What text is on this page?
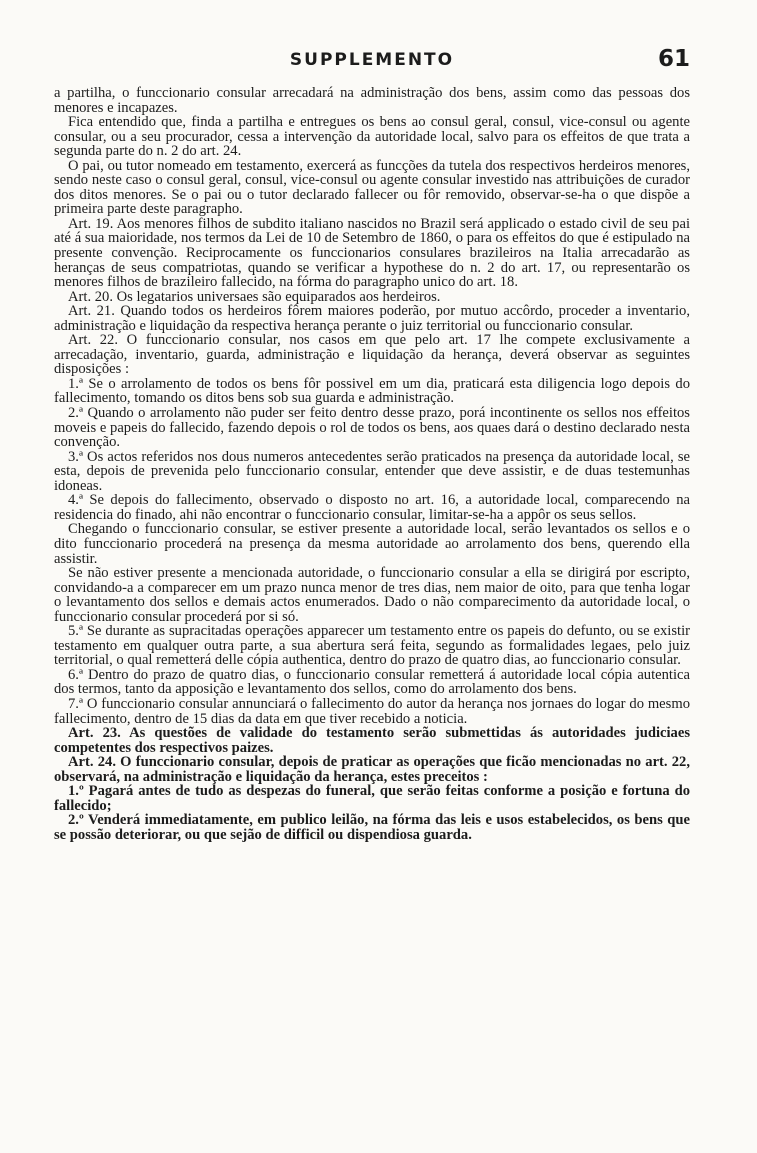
SUPPLEMENTO	61

a partilha, o funccionario consular arrecadará na administração dos bens, assim como das pessoas dos menores e incapazes.

Fica entendido que, finda a partilha e entregues os bens ao consul geral, consul, vice-consul ou agente consular, ou a seu procurador, cessa a intervenção da autoridade local, salvo para os effeitos de que trata a segunda parte do n. 2 do art. 24.

O pai, ou tutor nomeado em testamento, exercerá as funcções da tutela dos respectivos herdeiros menores, sendo neste caso o consul geral, consul, vice-consul ou agente consular investido nas attribuições de curador dos ditos menores. Se o pai ou o tutor declarado fallecer ou fôr removido, observar-se-ha o que dispõe a primeira parte deste paragrapho.

Art. 19. Aos menores filhos de subdito italiano nascidos no Brazil será applicado o estado civil de seu pai até á sua maioridade, nos termos da Lei de 10 de Setembro de 1860, o para os effeitos do que é estipulado na presente convenção. Reciprocamente os funccionarios consulares brazileiros na Italia arrecadarão as heranças de seus compatriotas, quando se verificar a hypothese do n. 2 do art. 17, ou representarão os menores filhos de brazileiro fallecido, na fórma do paragrapho unico do art. 18.

Art. 20. Os legatarios universaes são equiparados aos herdeiros.

Art. 21. Quando todos os herdeiros fôrem maiores poderão, por mutuo accôrdo, proceder a inventario, administração e liquidação da respectiva herança perante o juiz territorial ou funccionario consular.

Art. 22. O funccionario consular, nos casos em que pelo art. 17 lhe compete exclusivamente a arrecadação, inventario, guarda, administração e liquidação da herança, deverá observar as seguintes disposições :

1.ª Se o arrolamento de todos os bens fôr possivel em um dia, praticará esta diligencia logo depois do fallecimento, tomando os ditos bens sob sua guarda e administração.

2.ª Quando o arrolamento não puder ser feito dentro desse prazo, porá incontinente os sellos nos effeitos moveis e papeis do fallecido, fazendo depois o rol de todos os bens, aos quaes dará o destino declarado nesta convenção.

3.ª Os actos referidos nos dous numeros antecedentes serão praticados na presença da autoridade local, se esta, depois de prevenida pelo funccionario consular, entender que deve assistir, e de duas testemunhas idoneas.

4.ª Se depois do fallecimento, observado o disposto no art. 16, a autoridade local, comparecendo na residencia do finado, ahi não encontrar o funccionario consular, limitar-se-ha a appôr os seus sellos.

Chegando o funccionario consular, se estiver presente a autoridade local, serão levantados os sellos e o dito funccionario procederá na presença da mesma autoridade ao arrolamento dos bens, querendo ella assistir.

Se não estiver presente a mencionada autoridade, o funccionario consular a ella se dirigirá por escripto, convidando-a a comparecer em um prazo nunca menor de tres dias, nem maior de oito, para que tenha logar o levantamento dos sellos e demais actos enumerados. Dado o não comparecimento da autoridade local, o funccionario consular procederá por si só.

5.ª Se durante as supracitadas operações apparecer um testamento entre os papeis do defunto, ou se existir testamento em qualquer outra parte, a sua abertura será feita, segundo as formalidades legaes, pelo juiz territorial, o qual remetterá delle cópia authentica, dentro do prazo de quatro dias, ao funccionario consular.

6.ª Dentro do prazo de quatro dias, o funccionario consular remetterá á autoridade local cópia autentica dos termos, tanto da apposição e levantamento dos sellos, como do arrolamento dos bens.

7.ª O funccionario consular annunciará o fallecimento do autor da herança nos jornaes do logar do mesmo fallecimento, dentro de 15 dias da data em que tiver recebido a noticia.

Art. 23. As questões de validade do testamento serão submettidas ás autoridades judiciaes competentes dos respectivos paizes.

Art. 24. O funccionario consular, depois de praticar as operações que ficão mencionadas no art. 22, observará, na administração e liquidação da herança, estes preceitos :

1.º Pagará antes de tudo as despezas do funeral, que serão feitas conforme a posição e fortuna do fallecido;

2.º Venderá immediatamente, em publico leilão, na fórma das leis e usos estabelecidos, os bens que se possão deteriorar, ou que sejão de difficil ou dispendiosa guarda.
